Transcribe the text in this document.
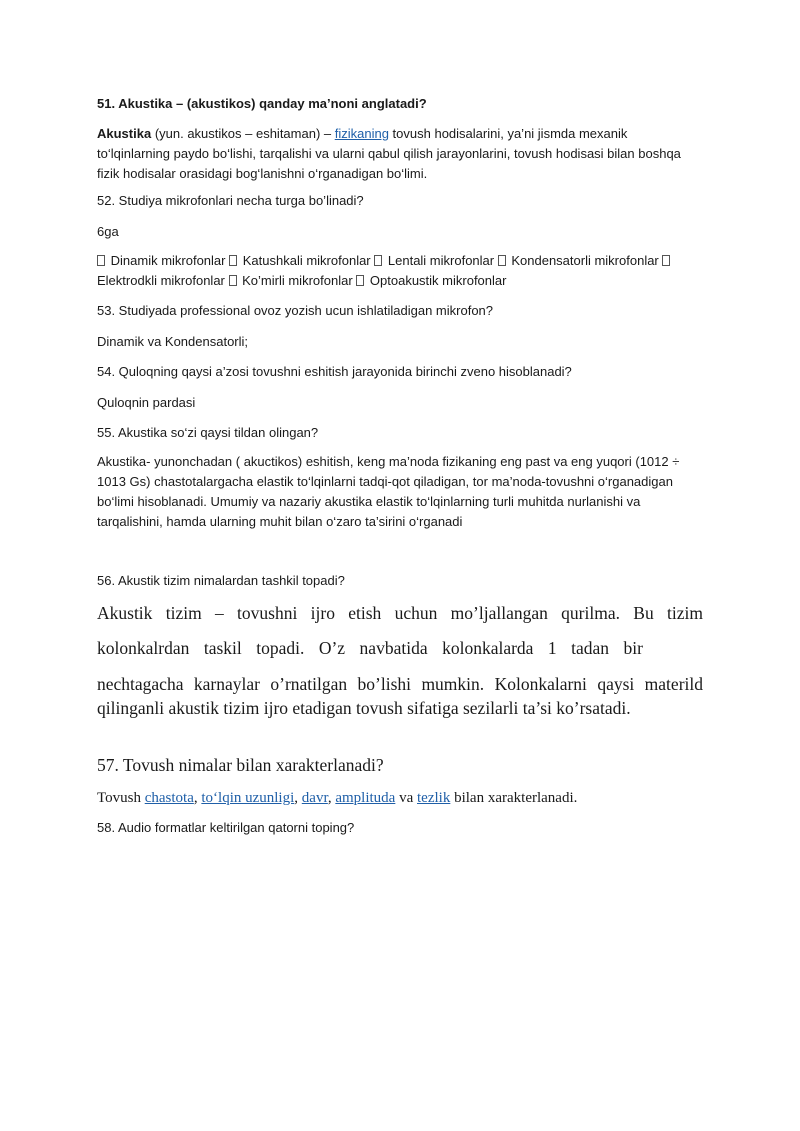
51. Akustika – (akustikos) qanday ma’noni anglatadi?

Akustika (yun. akustikos – eshitaman) – fizikaning tovush hodisalarini, ya’ni jismda mexanik to‘lqinlarning paydo bo‘lishi, tarqalishi va ularni qabul qilish jarayonlarini, tovush hodisasi bilan boshqa fizik hodisalar orasidagi bog‘lanishni o‘rganadigan bo‘limi.

52. Studiya mikrofonlari necha turga bo’linadi?

6ga

Dinamik mikrofonlar Katushkali mikrofonlar Lentali mikrofonlar Kondensatorli mikrofonlar
Elektrodkli mikrofonlar Ko’mirli mikrofonlar Optoakustik mikrofonlar

53. Studiyada professional ovoz yozish ucun ishlatiladigan mikrofon?

Dinamik va Kondensatorli;

54. Quloqning qaysi a’zosi tovushni eshitish jarayonida birinchi zveno hisoblanadi?

Quloqnin pardasi

55. Akustika so‘zi qaysi tildan olingan?

Akustika- yunonchadan ( akuctikos) eshitish, keng ma’noda fizikaning eng past va eng yuqori (1012 ÷ 1013 Gs) chastotalargacha elastik to‘lqinlarni tadqi-qot qiladigan, tor ma’noda-tovushni o‘rganadigan bo‘limi hisoblanadi. Umumiy va nazariy akustika elastik to‘lqinlarning turli muhitda nurlanishi va tarqalishini, hamda ularning muhit bilan o‘zaro ta’sirini o‘rganadi

56. Akustik tizim nimalardan tashkil topadi?

Akustik tizim – tovushni ijro etish uchun mo’ljallangan qurilma. Bu tizim

kolonkalrdan taskil topadi. O’z navbatida kolonkalarda 1 tadan bir

nechtagacha karnaylar o’rnatilgan bo’lishi mumkin. Kolonkalarni qaysi materild qilinganli akustik tizim ijro etadigan tovush sifatiga sezilarli ta’si ko’rsatadi.

57. Tovush nimalar bilan xarakterlanadi?

Tovush chastota, to‘lqin uzunligi, davr, amplituda va tezlik bilan xarakterlanadi.

58. Audio formatlar keltirilgan qatorni toping?
